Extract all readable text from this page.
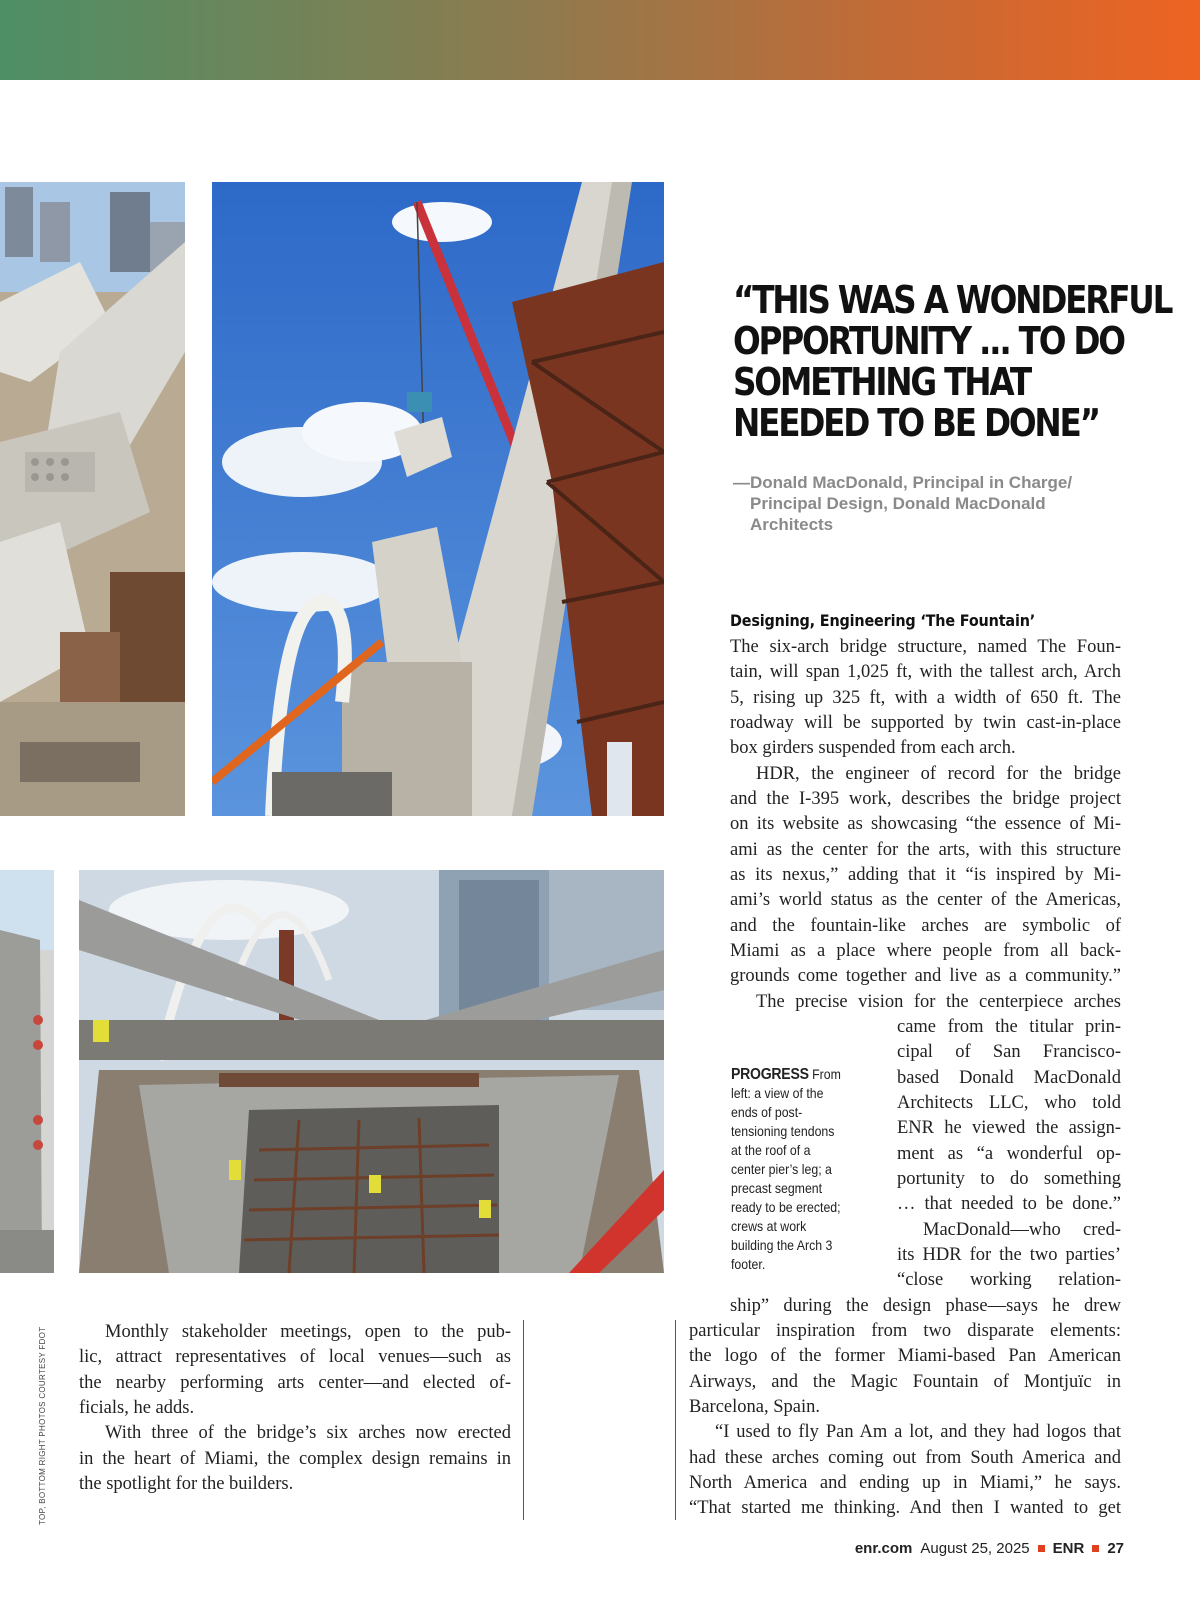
TOP, BOTTOM RIGHT PHOTOS COURTESY FDOT
“THIS WAS A WONDERFUL
OPPORTUNITY ... TO DO
SOMETHING THAT
NEEDED TO BE DONE”
—Donald MacDonald, Principal in Charge/
Principal Design, Donald MacDonald
Architects
Designing, Engineering ‘The Fountain’
The six-arch bridge structure, named The Foun-
tain, will span 1,025 ft, with the tallest arch, Arch
5, rising up 325 ft, with a width of 650 ft. The
roadway will be supported by twin cast-in-place
box girders suspended from each arch.
HDR, the engineer of record for the bridge
and the I-395 work, describes the bridge project
on its website as showcasing “the essence of Mi-
ami as the center for the arts, with this structure
as its nexus,” adding that it “is inspired by Mi-
ami’s world status as the center of the Americas,
and the fountain-like arches are symbolic of
Miami as a place where people from all back-
grounds come together and live as a community.”
The precise vision for the centerpiece arches
came from the titular prin-
cipal of San Francisco-
based Donald MacDonald
Architects LLC, who told
ENR he viewed the assign-
ment as “a wonderful op-
portunity to do something
… that needed to be done.”
MacDonald—who cred-
its HDR for the two parties’
“close working relation-
ship” during the design phase—says he drew
particular inspiration from two disparate elements:
the logo of the former Miami-based Pan American
Airways, and the Magic Fountain of Montjuïc in
Barcelona, Spain.
“I used to fly Pan Am a lot, and they had logos that
had these arches coming out from South America and
North America and ending up in Miami,” he says.
“That started me thinking. And then I wanted to get
Monthly stakeholder meetings, open to the pub-
lic, attract representatives of local venues—such as
the nearby performing arts center—and elected of-
ficials, he adds.
With three of the bridge’s six arches now erected
in the heart of Miami, the complex design remains in
the spotlight for the builders.
PROGRESS From
left: a view of the
ends of post-
tensioning tendons
at the roof of a
center pier’s leg; a
precast segment
ready to be erected;
crews at work
building the Arch 3
footer.
enr.com August 25, 2025 ENR 27
